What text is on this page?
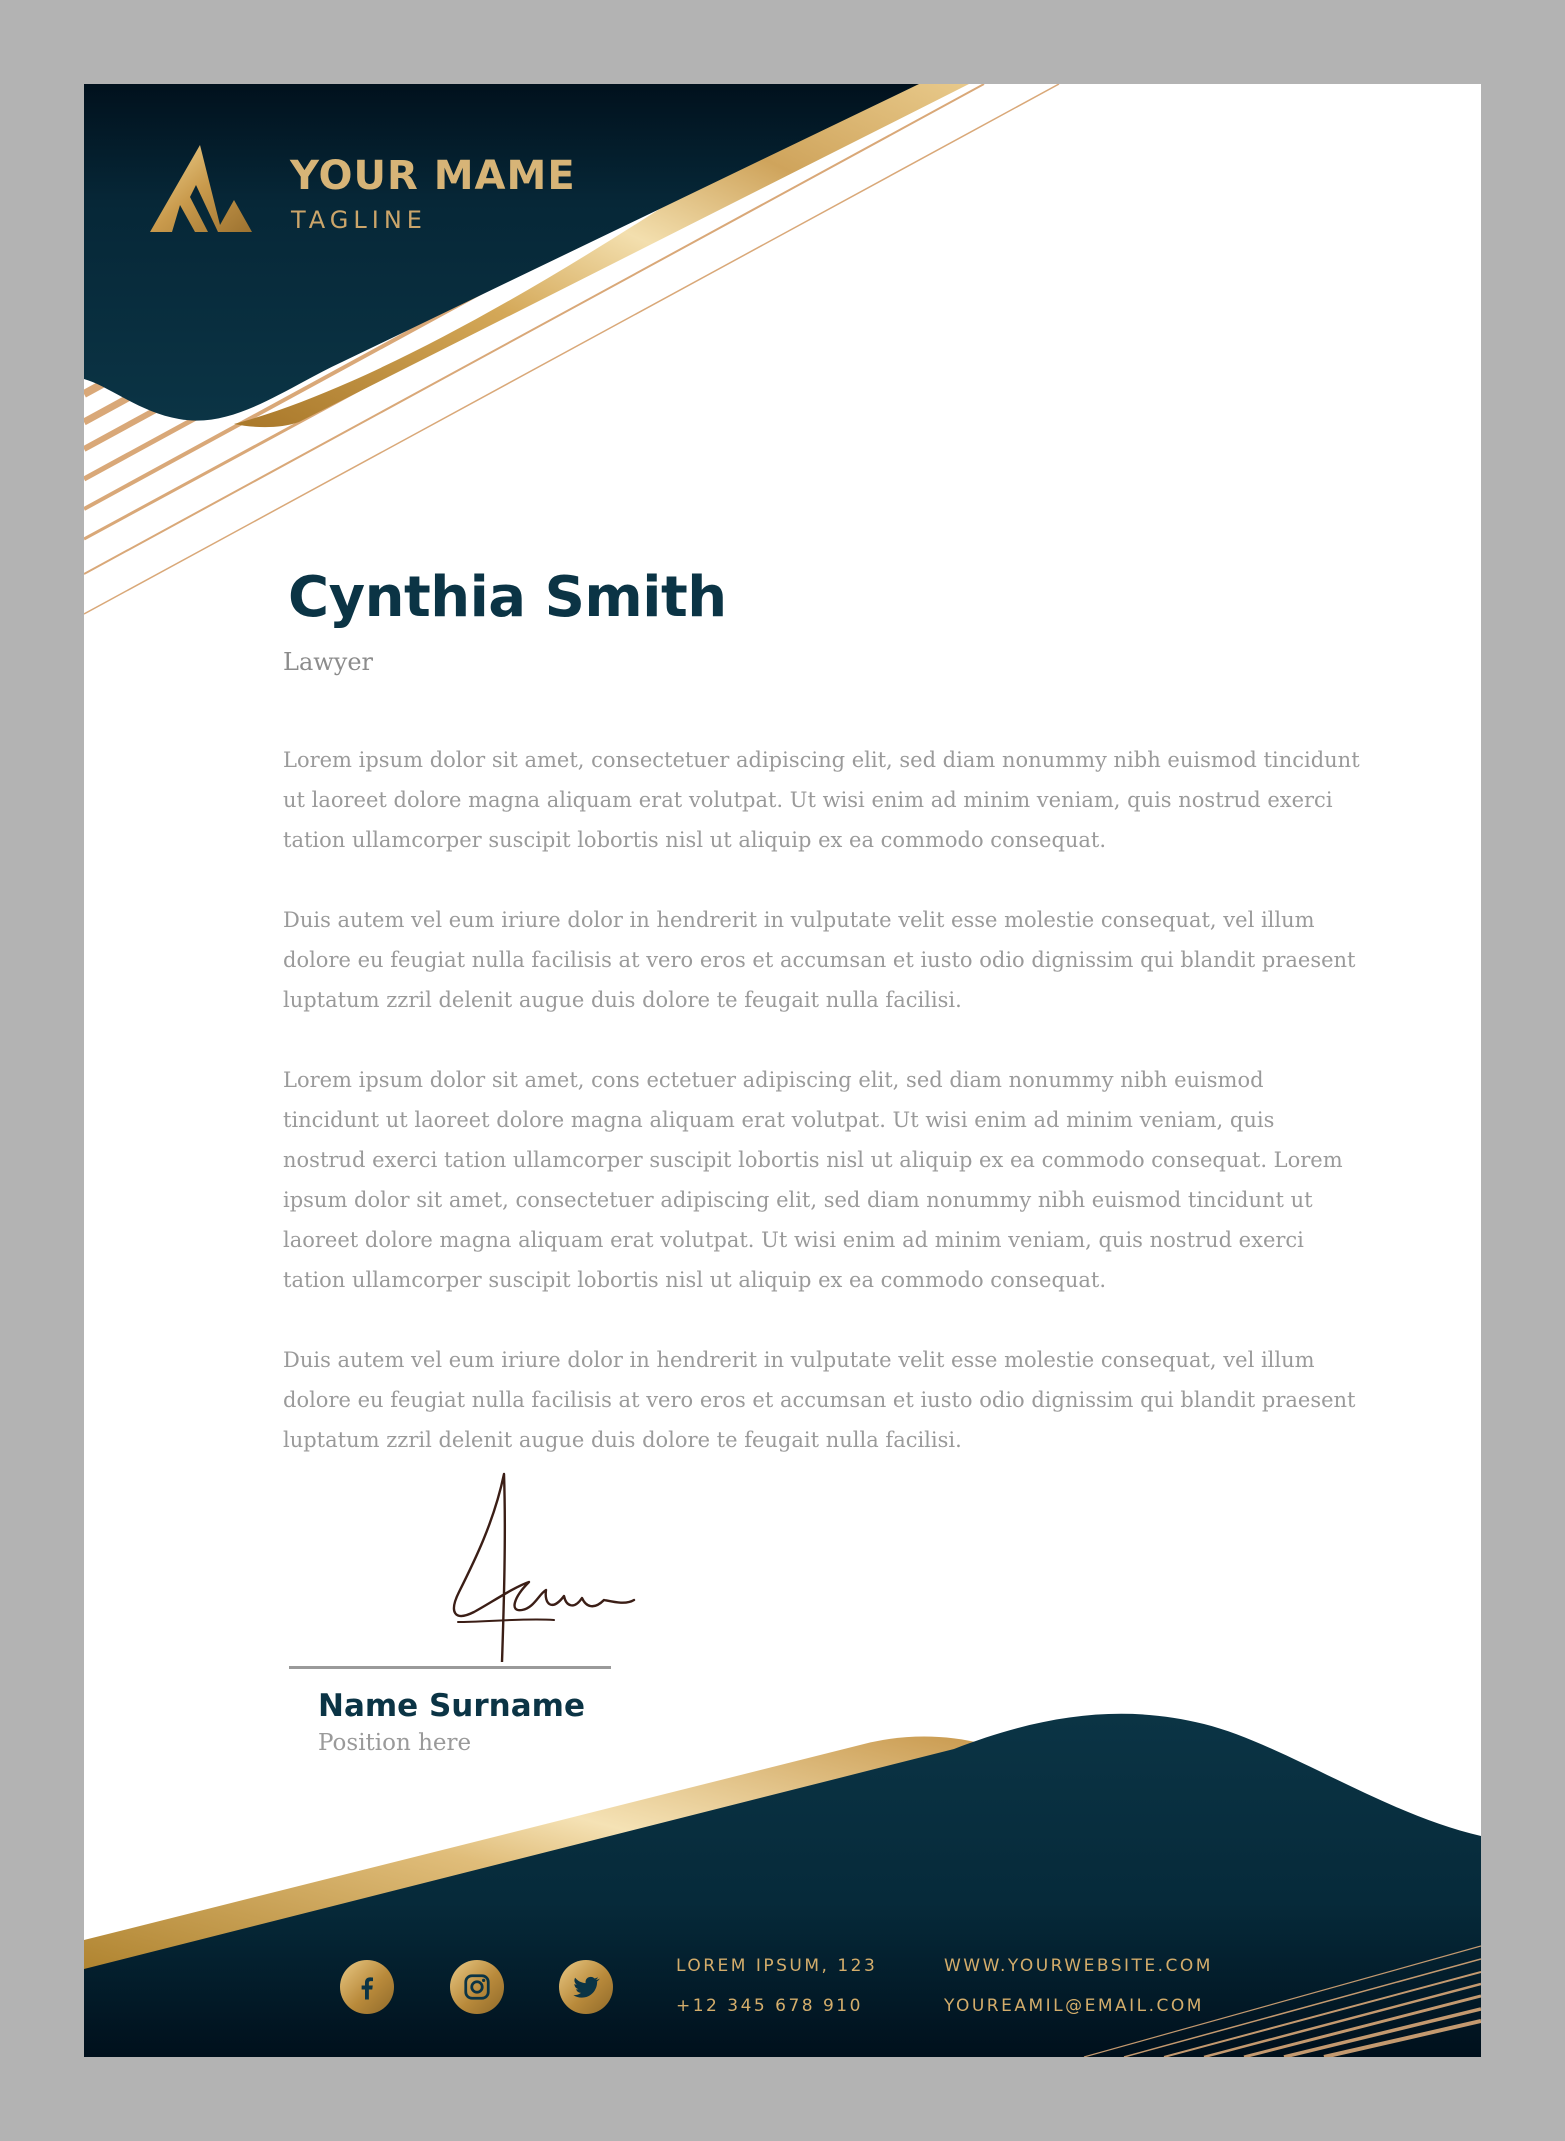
YOUR MAME
TAGLINE
Cynthia Smith
Lawyer

Lorem ipsum dolor sit amet, consectetuer adipiscing elit, sed diam nonummy nibh euismod tincidunt ut laoreet dolore magna aliquam erat volutpat. Ut wisi enim ad minim veniam, quis nostrud exerci tation ullamcorper suscipit lobortis nisl ut aliquip ex ea commodo consequat.

Duis autem vel eum iriure dolor in hendrerit in vulputate velit esse molestie consequat, vel illum dolore eu feugiat nulla facilisis at vero eros et accumsan et iusto odio dignissim qui blandit praesent luptatum zzril delenit augue duis dolore te feugait nulla facilisi.

Lorem ipsum dolor sit amet, cons ectetuer adipiscing elit, sed diam nonummy nibh euismod tincidunt ut laoreet dolore magna aliquam erat volutpat. Ut wisi enim ad minim veniam, quis nostrud exerci tation ullamcorper suscipit lobortis nisl ut aliquip ex ea commodo consequat. Lorem ipsum dolor sit amet, consectetuer adipiscing elit, sed diam nonummy nibh euismod tincidunt ut laoreet dolore magna aliquam erat volutpat. Ut wisi enim ad minim veniam, quis nostrud exerci tation ullamcorper suscipit lobortis nisl ut aliquip ex ea commodo consequat.

Duis autem vel eum iriure dolor in hendrerit in vulputate velit esse molestie consequat, vel illum dolore eu feugiat nulla facilisis at vero eros et accumsan et iusto odio dignissim qui blandit praesent luptatum zzril delenit augue duis dolore te feugait nulla facilisi.

Name Surname
Position here
LOREM IPSUM, 123
+12 345 678 910
WWW.YOURWEBSITE.COM
YOUREAMIL@EMAIL.COM
